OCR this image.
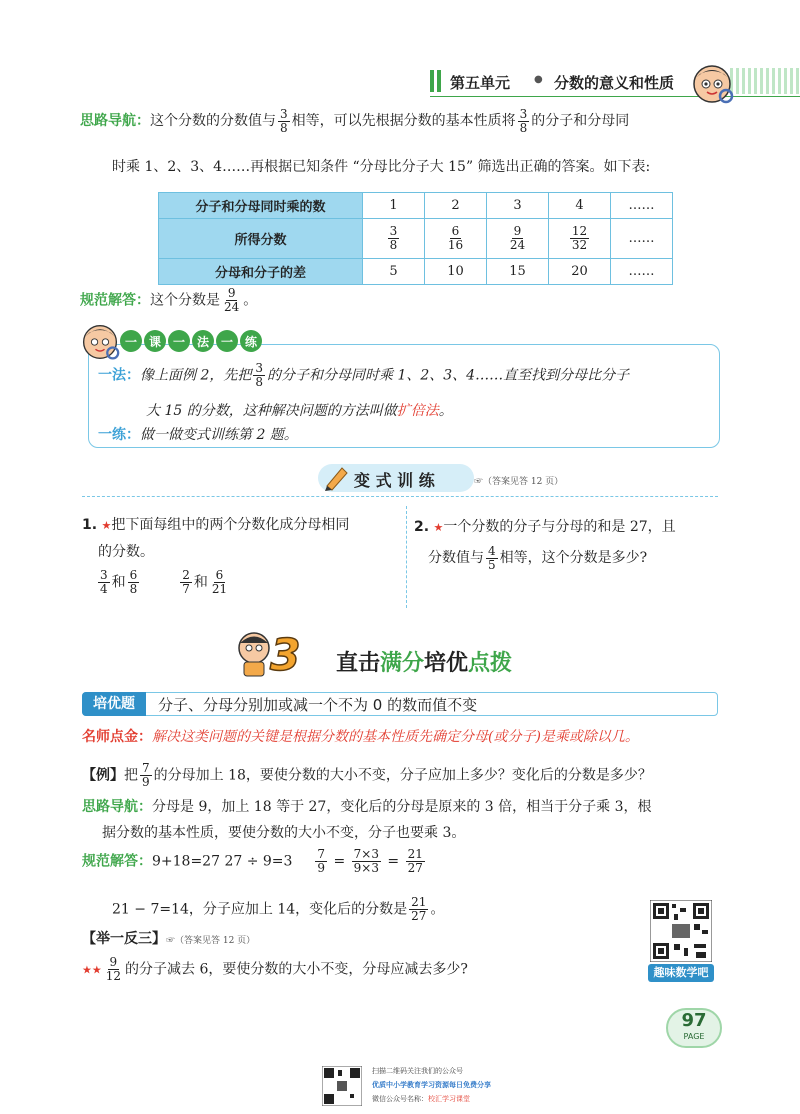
第五单元 ● 分数的意义和性质
思路导航：这个分数的分数值与 $\frac{3}{8}$ 相等，可以先根据分数的基本性质将 $\frac{3}{8}$ 的分子和分母同
时乘 1、2、3、4……再根据已知条件 “分母比分子大 15” 筛选出正确的答案。如下表:
分子和分母同时乘的数	1	2	3	4	……
所得分数	$\frac{3}{8}$	$\frac{6}{16}$	$\frac{9}{24}$	$\frac{12}{32}$	……
分母和分子的差	5	10	15	20	……
规范解答：这个分数是 $\frac{9}{24}$ 。
一 课 一 法 一 练
一法：像上面例 2，先把 $\frac{3}{8}$ 的分子和分母同时乘 1、2、3、4……直至找到分母比分子
大 15 的分数，这种解决问题的方法叫做扩倍法。
一练：做一做变式训练第 2 题。
变 式 训 练	☞（答案见答 12 页）
1. ★把下面每组中的两个分数化成分母相同
的分数。
$\frac{3}{4}$ 和 $\frac{6}{8}$
	$\frac{2}{7}$ 和 $\frac{6}{21}$
2. ★一个分数的分子与分母的和是 27，且
分数值与 $\frac{4}{5}$ 相等，这个分数是多少?
3 直击满分培优点拨
培优题	分子、分母分别加或减一个不为 0 的数而值不变
名师点金：解决这类问题的关键是根据分数的基本性质先确定分母(或分子)是乘或除以几。
【例】把 $\frac{7}{9}$ 的分母加上 18，要使分数的大小不变，分子应加上多少？变化后的分数是多少？
思路导航：分母是 9，加上 18 等于 27，变化后的分母是原来的 3 倍，相当于分子乘 3，根
据分数的基本性质，要使分数的大小不变，分子也要乘 3。
规范解答：9+18=27 $27 \div 9=3 \frac{7}{9} = \frac{7\times 3}{9\times 3} = \frac{21}{27}$
21 − 7=14，分子应加上 14，变化后的分数是 $\frac{21}{27}$ 。
【举一反三】☞（答案见答 12 页）
★★ $\frac{9}{12}$ 的分子减去 6，要使分数的大小不变，分母应减去多少?	趣味数学吧
97
PAGE
扫描二维码关注我们的公众号
优质中小学教育学习资源每日免费分享
微信公众号名称：校汇学习课堂
